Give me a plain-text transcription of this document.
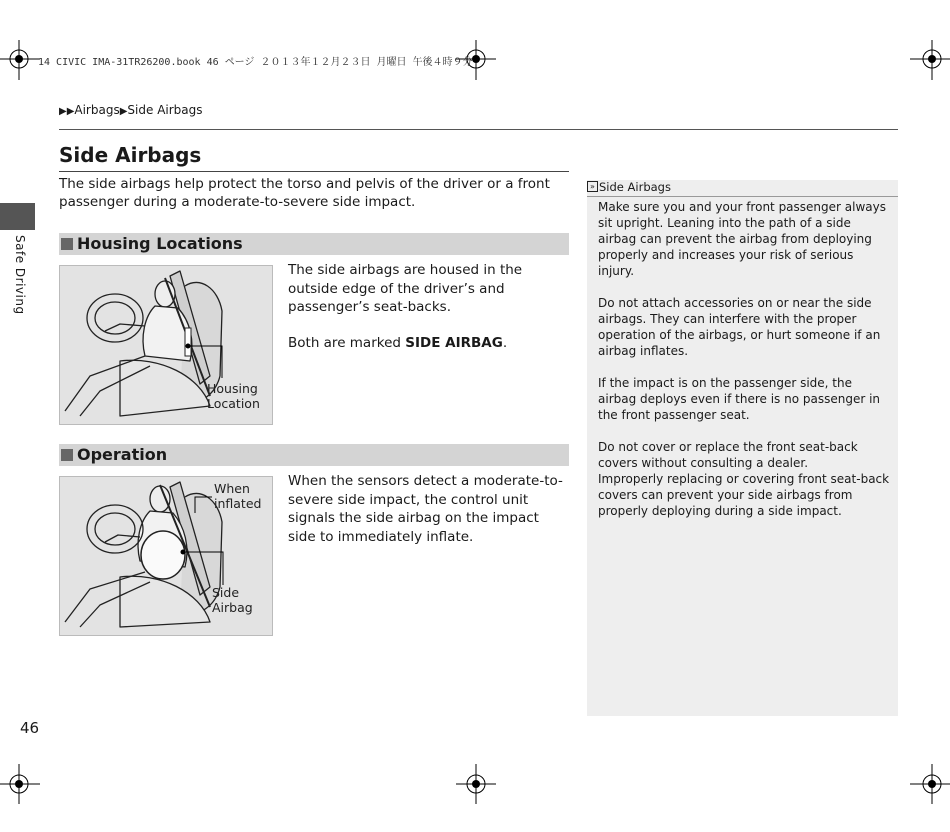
14 CIVIC IMA-31TR26200.book 46 ページ ２０１３年１２月２３日 月曜日 午後４時９分
▶▶Airbags▶Side Airbags
Safe Driving
Side Airbags
The side airbags help protect the torso and pelvis of the driver or a front passenger during a moderate-to-severe side impact.
Housing Locations
Housing
Location
The side airbags are housed in the outside edge of the driver’s and passenger’s seat-backs.
Both are marked SIDE AIRBAG.
Operation
When
inflated
Side
Airbag
When the sensors detect a moderate-to-severe side impact, the control unit signals the side airbag on the impact side to immediately inflate.
» Side Airbags

Make sure you and your front passenger always sit upright. Leaning into the path of a side airbag can prevent the airbag from deploying properly and increases your risk of serious injury.

Do not attach accessories on or near the side airbags. They can interfere with the proper operation of the airbags, or hurt someone if an airbag inflates.

If the impact is on the passenger side, the airbag deploys even if there is no passenger in the front passenger seat.

Do not cover or replace the front seat-back covers without consulting a dealer.

Improperly replacing or covering front seat-back covers can prevent your side airbags from properly deploying during a side impact.

46
